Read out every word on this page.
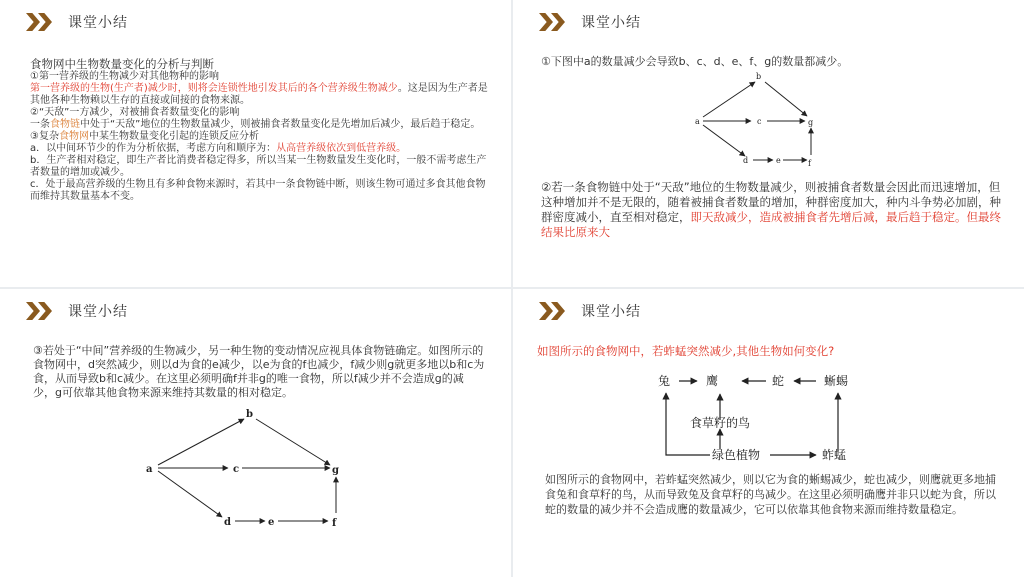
课堂小结
食物网中生物数量变化的分析与判断
①第一营养级的生物减少对其他物种的影响
第一营养级的生物(生产者)减少时，则将会连锁性地引发其后的各个营养级生物减少。这是因为生产者是其他各种生物赖以生存的直接或间接的食物来源。
②“天敌”一方减少，对被捕食者数量变化的影响
一条食物链中处于“天敌”地位的生物数量减少，则被捕食者数量变化是先增加后减少，最后趋于稳定。
③复杂食物网中某生物数量变化引起的连锁反应分析
a．以中间环节少的作为分析依据，考虑方向和顺序为：从高营养级依次到低营养级。
b．生产者相对稳定，即生产者比消费者稳定得多，所以当某一生物数量发生变化时，一般不需考虑生产者数量的增加或减少。
c．处于最高营养级的生物且有多种食物来源时，若其中一条食物链中断，则该生物可通过多食其他食物而维持其数量基本不变。
课堂小结
①下图中a的数量减少会导致b、c、d、e、f、g的数量都减少。
a
b
c
d	e	f
g
②若一条食物链中处于“天敌”地位的生物数量减少，则被捕食者数量会因此而迅速增加，但这种增加并不是无限的，随着被捕食者数量的增加，种群密度加大，种内斗争势必加剧，种群密度减小，直至相对稳定，即天敌减少，造成被捕食者先增后减，最后趋于稳定。但最终结果比原来大
课堂小结
③若处于“中间”营养级的生物减少，另一种生物的变动情况应视具体食物链确定。如图所示的食物网中，d突然减少，则以d为食的e减少，以e为食的f也减少，f减少则g就更多地以b和c为食，从而导致b和c减少。在这里必须明确f并非g的唯一食物，所以f减少并不会造成g的减少，g可依靠其他食物来源来维持其数量的相对稳定。
a
b
c
d	e	f
g
课堂小结
如图所示的食物网中，若蚱蜢突然减少,其他生物如何变化?
兔	鹰	蛇	蜥蜴
食草籽的鸟
绿色植物	蚱蜢
如图所示的食物网中，若蚱蜢突然减少，则以它为食的蜥蜴减少，蛇也减少，则鹰就更多地捕食兔和食草籽的鸟，从而导致兔及食草籽的鸟减少。在这里必须明确鹰并非只以蛇为食，所以蛇的数量的减少并不会造成鹰的数量减少，它可以依靠其他食物来源而维持数量稳定。
